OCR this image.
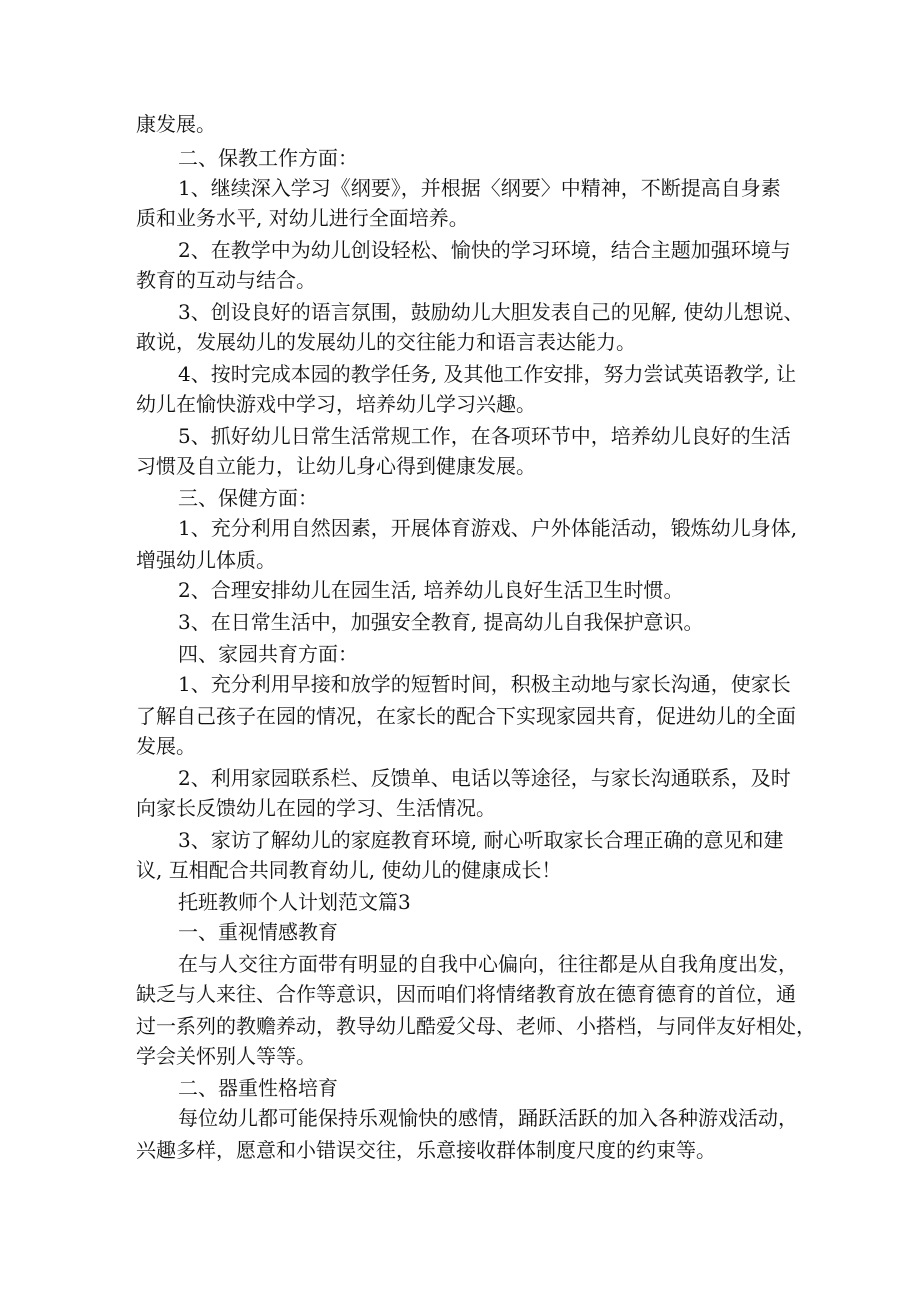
康发展。
二、保教工作方面：
1、继续深入学习《纲要》，并根据〈纲要〉中精神，不断提高自身素
质和业务水平, 对幼儿进行全面培养。
2、在教学中为幼儿创设轻松、愉快的学习环境，结合主题加强环境与
教育的互动与结合。
3、创设良好的语言氛围，鼓励幼儿大胆发表自己的见解, 使幼儿想说、
敢说，发展幼儿的发展幼儿的交往能力和语言表达能力。
4、按时完成本园的教学任务, 及其他工作安排，努力尝试英语教学, 让
幼儿在愉快游戏中学习，培养幼儿学习兴趣。
5、抓好幼儿日常生活常规工作，在各项环节中，培养幼儿良好的生活
习惯及自立能力，让幼儿身心得到健康发展。
三、保健方面：
1、充分利用自然因素，开展体育游戏、户外体能活动，锻炼幼儿身体,
增强幼儿体质。
2、合理安排幼儿在园生活, 培养幼儿良好生活卫生时惯。
3、在日常生活中，加强安全教育, 提高幼儿自我保护意识。
四、家园共育方面：
1、充分利用早接和放学的短暂时间，积极主动地与家长沟通，使家长
了解自己孩子在园的情况，在家长的配合下实现家园共育，促进幼儿的全面
发展。
2、利用家园联系栏、反馈单、电话以等途径，与家长沟通联系，及时
向家长反馈幼儿在园的学习、生活情况。
3、家访了解幼儿的家庭教育环境, 耐心听取家长合理正确的意见和建
议, 互相配合共同教育幼儿, 使幼儿的健康成长！
托班教师个人计划范文篇3
一、重视情感教育
在与人交往方面带有明显的自我中心偏向，往往都是从自我角度出发，
缺乏与人来往、合作等意识，因而咱们将情绪教育放在德育德育的首位，通
过一系列的教赡养动，教导幼儿酷爱父母、老师、小搭档，与同伴友好相处，
学会关怀别人等等。
二、器重性格培育
每位幼儿都可能保持乐观愉快的感情，踊跃活跃的加入各种游戏活动，
兴趣多样，愿意和小错误交往，乐意接收群体制度尺度的约束等。
